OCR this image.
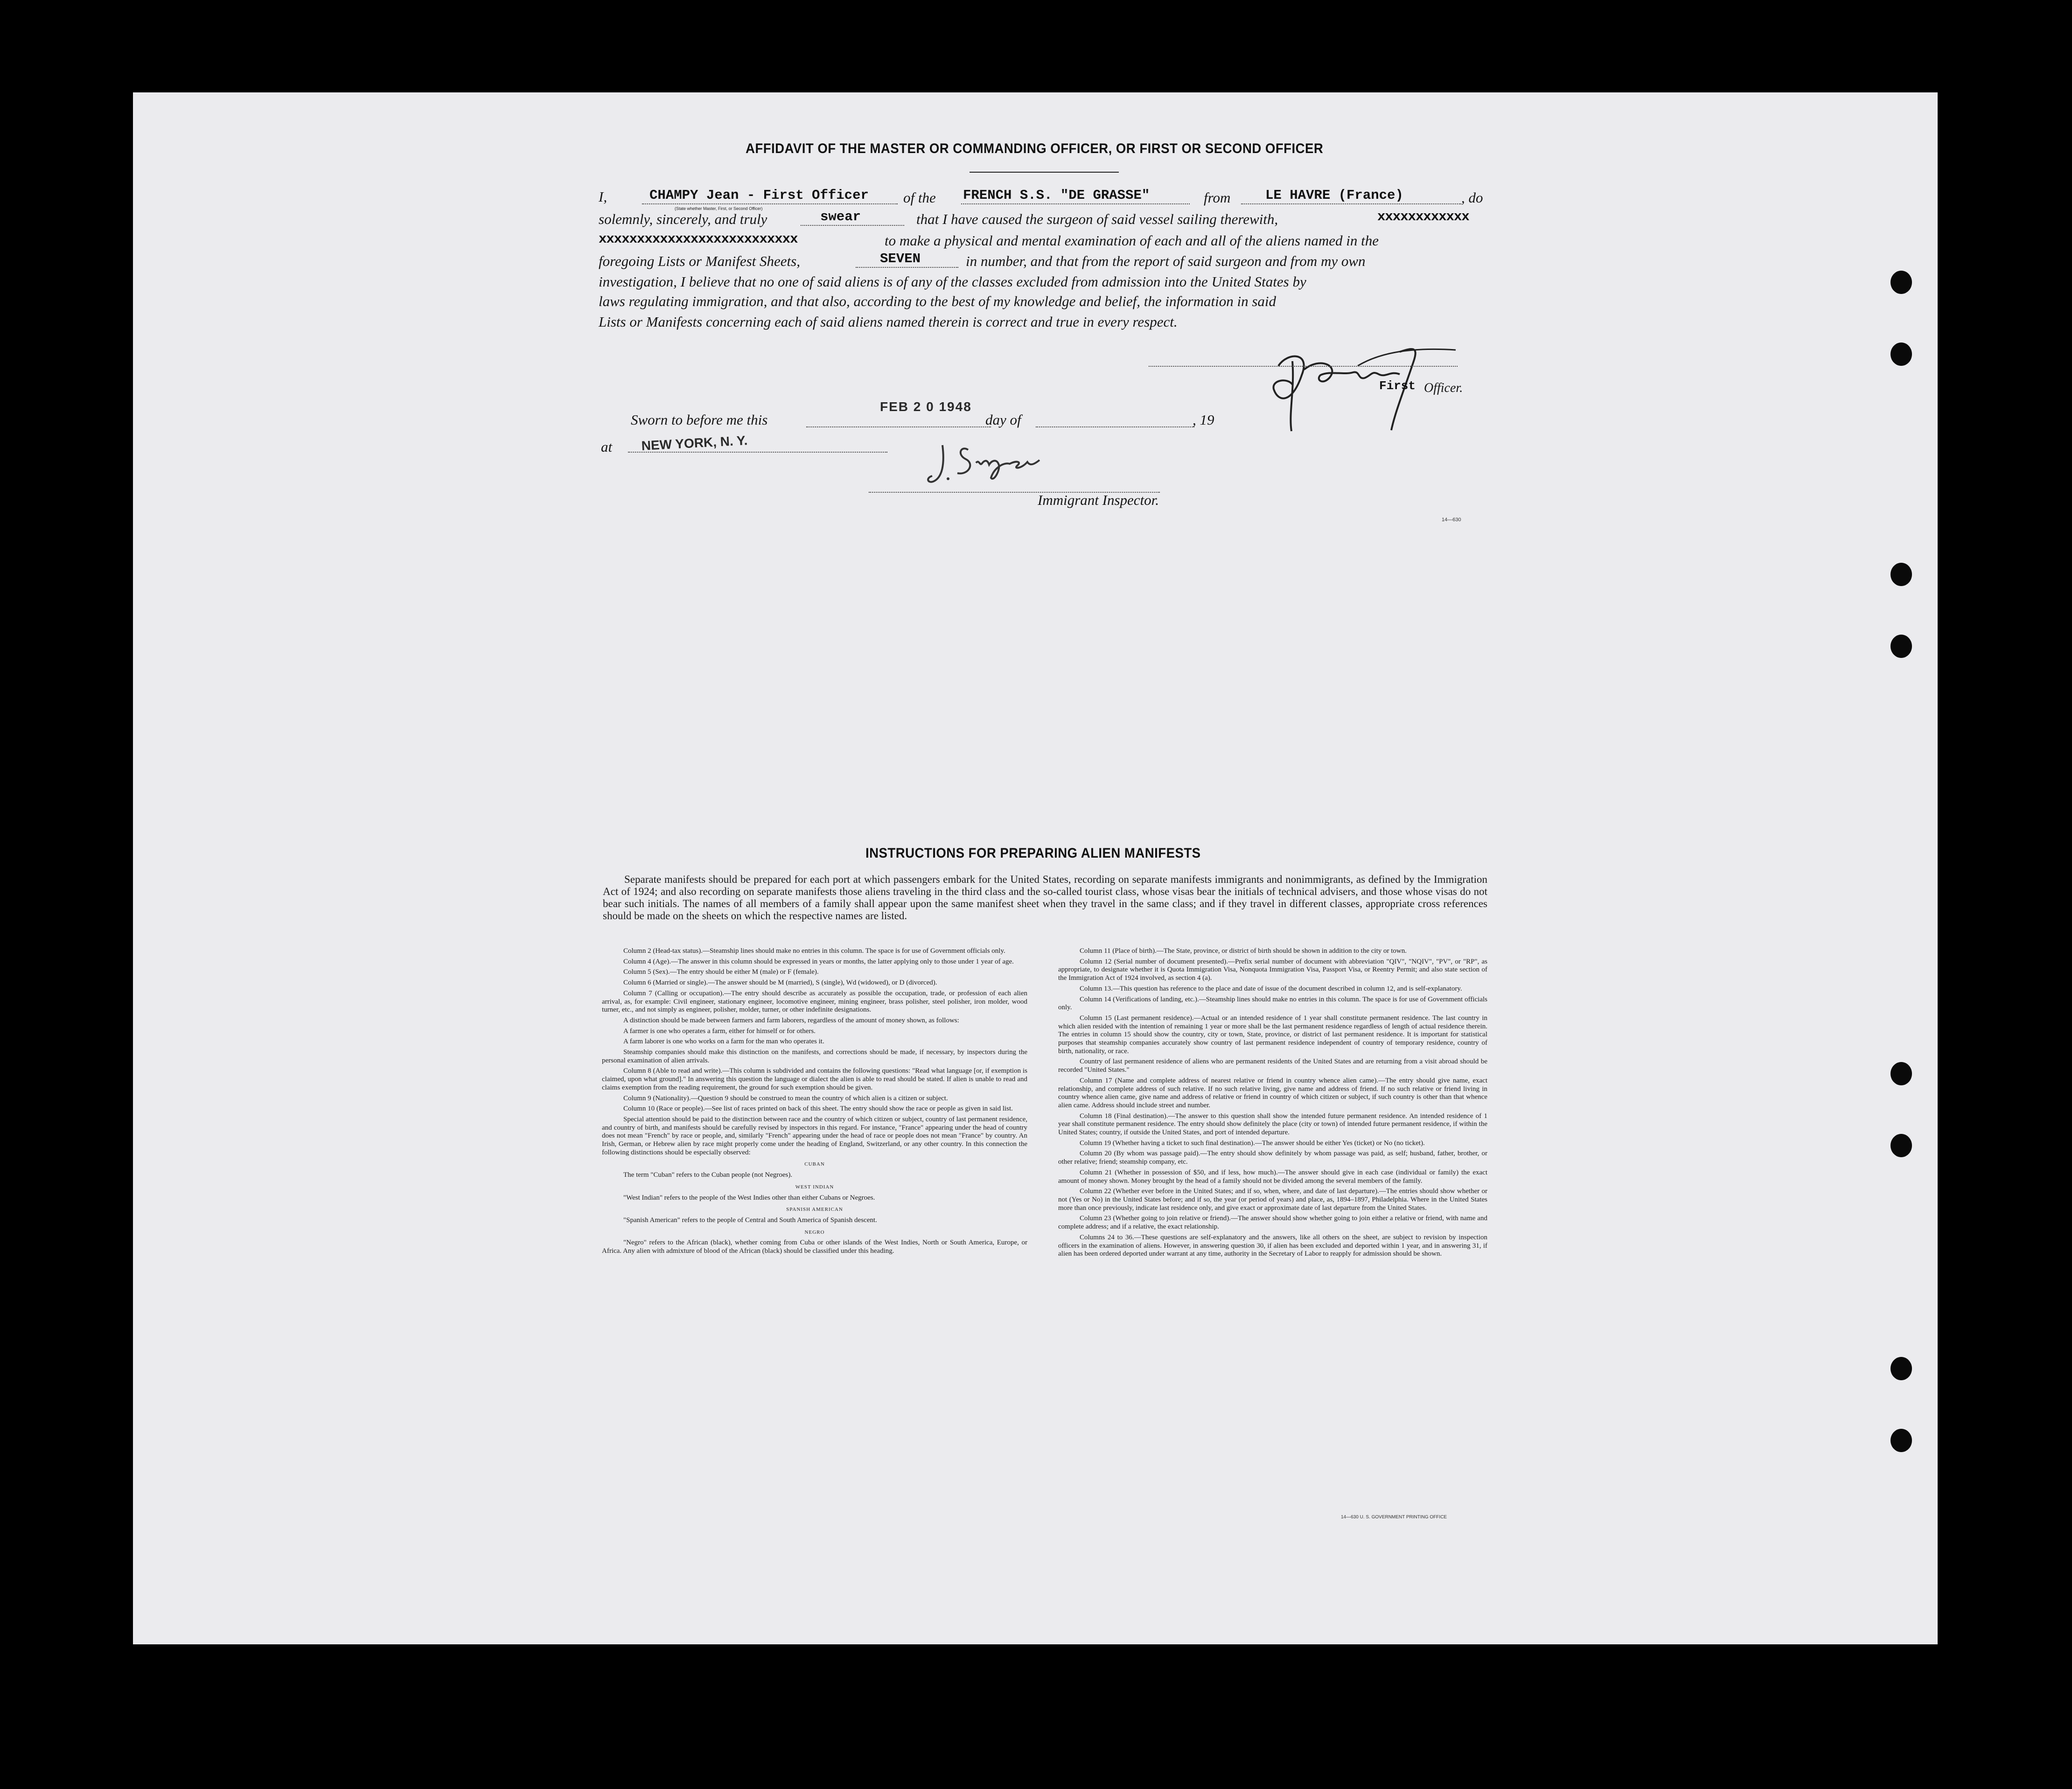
AFFIDAVIT OF THE MASTER OR COMMANDING OFFICER, OR FIRST OR SECOND OFFICER
I,	CHAMPY Jean - First Officer of the FRENCH S.S. "DE GRASSE"	from	LE HAVRE (France)	, do
(State whether Master, First, or Second Officer)
solemnly, sincerely, and truly	swear	that I have caused the surgeon of said vessel sailing therewith,	xxxxxxxxxxxx
xxxxxxxxxxxxxxxxxxxxxxxxxx	to make a physical and mental examination of each and all of the aliens named in the
foregoing Lists or Manifest Sheets,	SEVEN	in number, and that from the report of said surgeon and from my own
investigation, I believe that no one of said aliens is of any of the classes excluded from admission into the United States by
laws regulating immigration, and that also, according to the best of my knowledge and belief, the information in said
Lists or Manifests concerning each of said aliens named therein is correct and true in every respect.
First Officer.
Sworn to before me this
FEB 2 0 1948
day of	, 19
at NEW YORK, N. Y.
Immigrant Inspector.
14—630
INSTRUCTIONS FOR PREPARING ALIEN MANIFESTS

Separate manifests should be prepared for each port at which passengers embark for the United States, recording on separate manifests immigrants and nonimmigrants, as defined by the Immigration Act of 1924; and also recording on separate manifests those aliens traveling in the third class and the so-called tourist class, whose visas bear the initials of technical advisers, and those whose visas do not bear such initials. The names of all members of a family shall appear upon the same manifest sheet when they travel in the same class; and if they travel in different classes, appropriate cross references should be made on the sheets on which the respective names are listed.

Column 2 (Head-tax status).—Steamship lines should make no entries in this column. The space is for use of Government officials only.

Column 4 (Age).—The answer in this column should be expressed in years or months, the latter applying only to those under 1 year of age.

Column 5 (Sex).—The entry should be either M (male) or F (female).

Column 6 (Married or single).—The answer should be M (married), S (single), Wd (widowed), or D (divorced).

Column 7 (Calling or occupation).—The entry should describe as accurately as possible the occupation, trade, or profession of each alien arrival, as, for example: Civil engineer, stationary engineer, locomotive engineer, mining engineer, brass polisher, steel polisher, iron molder, wood turner, etc., and not simply as engineer, polisher, molder, turner, or other indefinite designations.

A distinction should be made between farmers and farm laborers, regardless of the amount of money shown, as follows:

A farmer is one who operates a farm, either for himself or for others.

A farm laborer is one who works on a farm for the man who operates it.

Steamship companies should make this distinction on the manifests, and corrections should be made, if necessary, by inspectors during the personal examination of alien arrivals.

Column 8 (Able to read and write).—This column is subdivided and contains the following questions: "Read what language [or, if exemption is claimed, upon what ground]." In answering this question the language or dialect the alien is able to read should be stated. If alien is unable to read and claims exemption from the reading requirement, the ground for such exemption should be given.

Column 9 (Nationality).—Question 9 should be construed to mean the country of which alien is a citizen or subject.

Column 10 (Race or people).—See list of races printed on back of this sheet. The entry should show the race or people as given in said list.

Special attention should be paid to the distinction between race and the country of which citizen or subject, country of last permanent residence, and country of birth, and manifests should be carefully revised by inspectors in this regard. For instance, "France" appearing under the head of country does not mean "French" by race or people, and, similarly "French" appearing under the head of race or people does not mean "France" by country. An Irish, German, or Hebrew alien by race might properly come under the heading of England, Switzerland, or any other country. In this connection the following distinctions should be especially observed:

CUBAN

The term "Cuban" refers to the Cuban people (not Negroes).

WEST INDIAN

"West Indian" refers to the people of the West Indies other than either Cubans or Negroes.

SPANISH AMERICAN

"Spanish American" refers to the people of Central and South America of Spanish descent.

NEGRO

"Negro" refers to the African (black), whether coming from Cuba or other islands of the West Indies, North or South America, Europe, or Africa. Any alien with admixture of blood of the African (black) should be classified under this heading.

Column 11 (Place of birth).—The State, province, or district of birth should be shown in addition to the city or town.

Column 12 (Serial number of document presented).—Prefix serial number of document with abbreviation "QIV", "NQIV", "PV", or "RP", as appropriate, to designate whether it is Quota Immigration Visa, Nonquota Immigration Visa, Passport Visa, or Reentry Permit; and also state section of the Immigration Act of 1924 involved, as section 4 (a).

Column 13.—This question has reference to the place and date of issue of the document described in column 12, and is self-explanatory.

Column 14 (Verifications of landing, etc.).—Steamship lines should make no entries in this column. The space is for use of Government officials only.

Column 15 (Last permanent residence).—Actual or an intended residence of 1 year shall constitute permanent residence. The last country in which alien resided with the intention of remaining 1 year or more shall be the last permanent residence regardless of length of actual residence therein. The entries in column 15 should show the country, city or town, State, province, or district of last permanent residence. It is important for statistical purposes that steamship companies accurately show country of last permanent residence independent of country of temporary residence, country of birth, nationality, or race.

Country of last permanent residence of aliens who are permanent residents of the United States and are returning from a visit abroad should be recorded "United States."

Column 17 (Name and complete address of nearest relative or friend in country whence alien came).—The entry should give name, exact relationship, and complete address of such relative. If no such relative living, give name and address of friend. If no such relative or friend living in country whence alien came, give name and address of relative or friend in country of which citizen or subject, if such country is other than that whence alien came. Address should include street and number.

Column 18 (Final destination).—The answer to this question shall show the intended future permanent residence. An intended residence of 1 year shall constitute permanent residence. The entry should show definitely the place (city or town) of intended future permanent residence, if within the United States; country, if outside the United States, and port of intended departure.

Column 19 (Whether having a ticket to such final destination).—The answer should be either Yes (ticket) or No (no ticket).

Column 20 (By whom was passage paid).—The entry should show definitely by whom passage was paid, as self; husband, father, brother, or other relative; friend; steamship company, etc.

Column 21 (Whether in possession of $50, and if less, how much).—The answer should give in each case (individual or family) the exact amount of money shown. Money brought by the head of a family should not be divided among the several members of the family.

Column 22 (Whether ever before in the United States; and if so, when, where, and date of last departure).—The entries should show whether or not (Yes or No) in the United States before; and if so, the year (or period of years) and place, as, 1894–1897, Philadelphia. Where in the United States more than once previously, indicate last residence only, and give exact or approximate date of last departure from the United States.

Column 23 (Whether going to join relative or friend).—The answer should show whether going to join either a relative or friend, with name and complete address; and if a relative, the exact relationship.

Columns 24 to 36.—These questions are self-explanatory and the answers, like all others on the sheet, are subject to revision by inspection officers in the examination of aliens. However, in answering question 30, if alien has been excluded and deported within 1 year, and in answering 31, if alien has been ordered deported under warrant at any time, authority in the Secretary of Labor to reapply for admission should be shown.

14—630 U. S. GOVERNMENT PRINTING OFFICE
